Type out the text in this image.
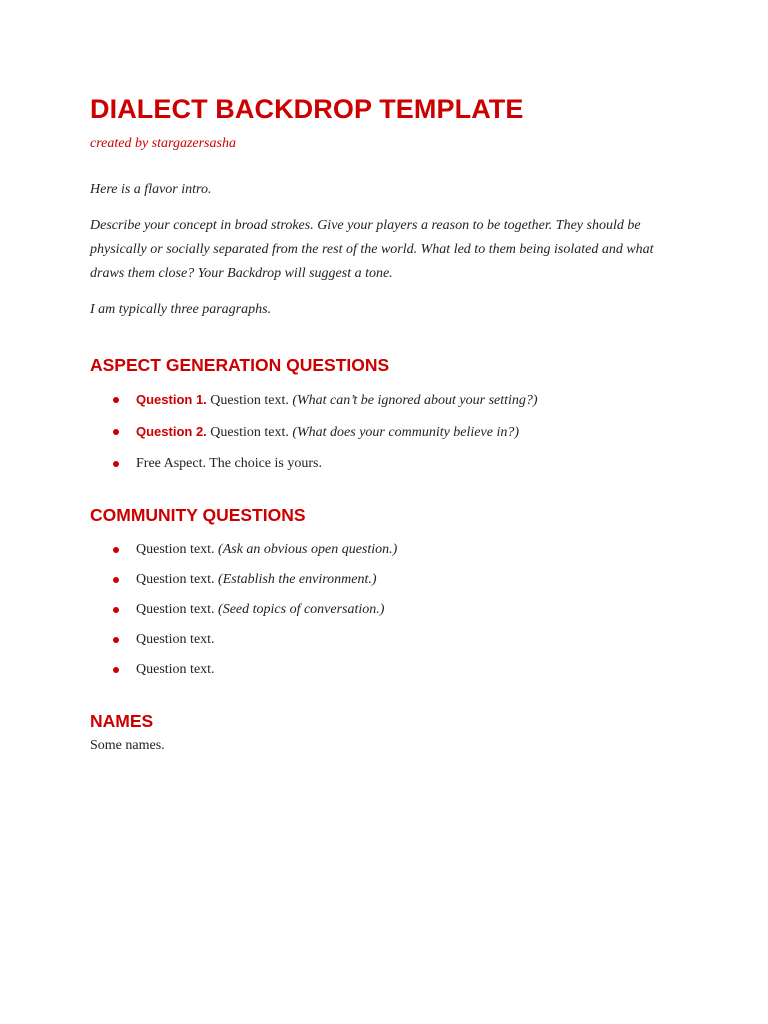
DIALECT BACKDROP TEMPLATE

created by stargazersasha

Here is a flavor intro.

Describe your concept in broad strokes. Give your players a reason to be together. They should be physically or socially separated from the rest of the world. What led to them being isolated and what draws them close? Your Backdrop will suggest a tone.

I am typically three paragraphs.

ASPECT GENERATION QUESTIONS
Question 1. Question text. (What can’t be ignored about your setting?)
Question 2. Question text. (What does your community believe in?)
Free Aspect. The choice is yours.
COMMUNITY QUESTIONS
Question text. (Ask an obvious open question.)
Question text. (Establish the environment.)
Question text. (Seed topics of conversation.)
Question text.
Question text.
NAMES

Some names.
